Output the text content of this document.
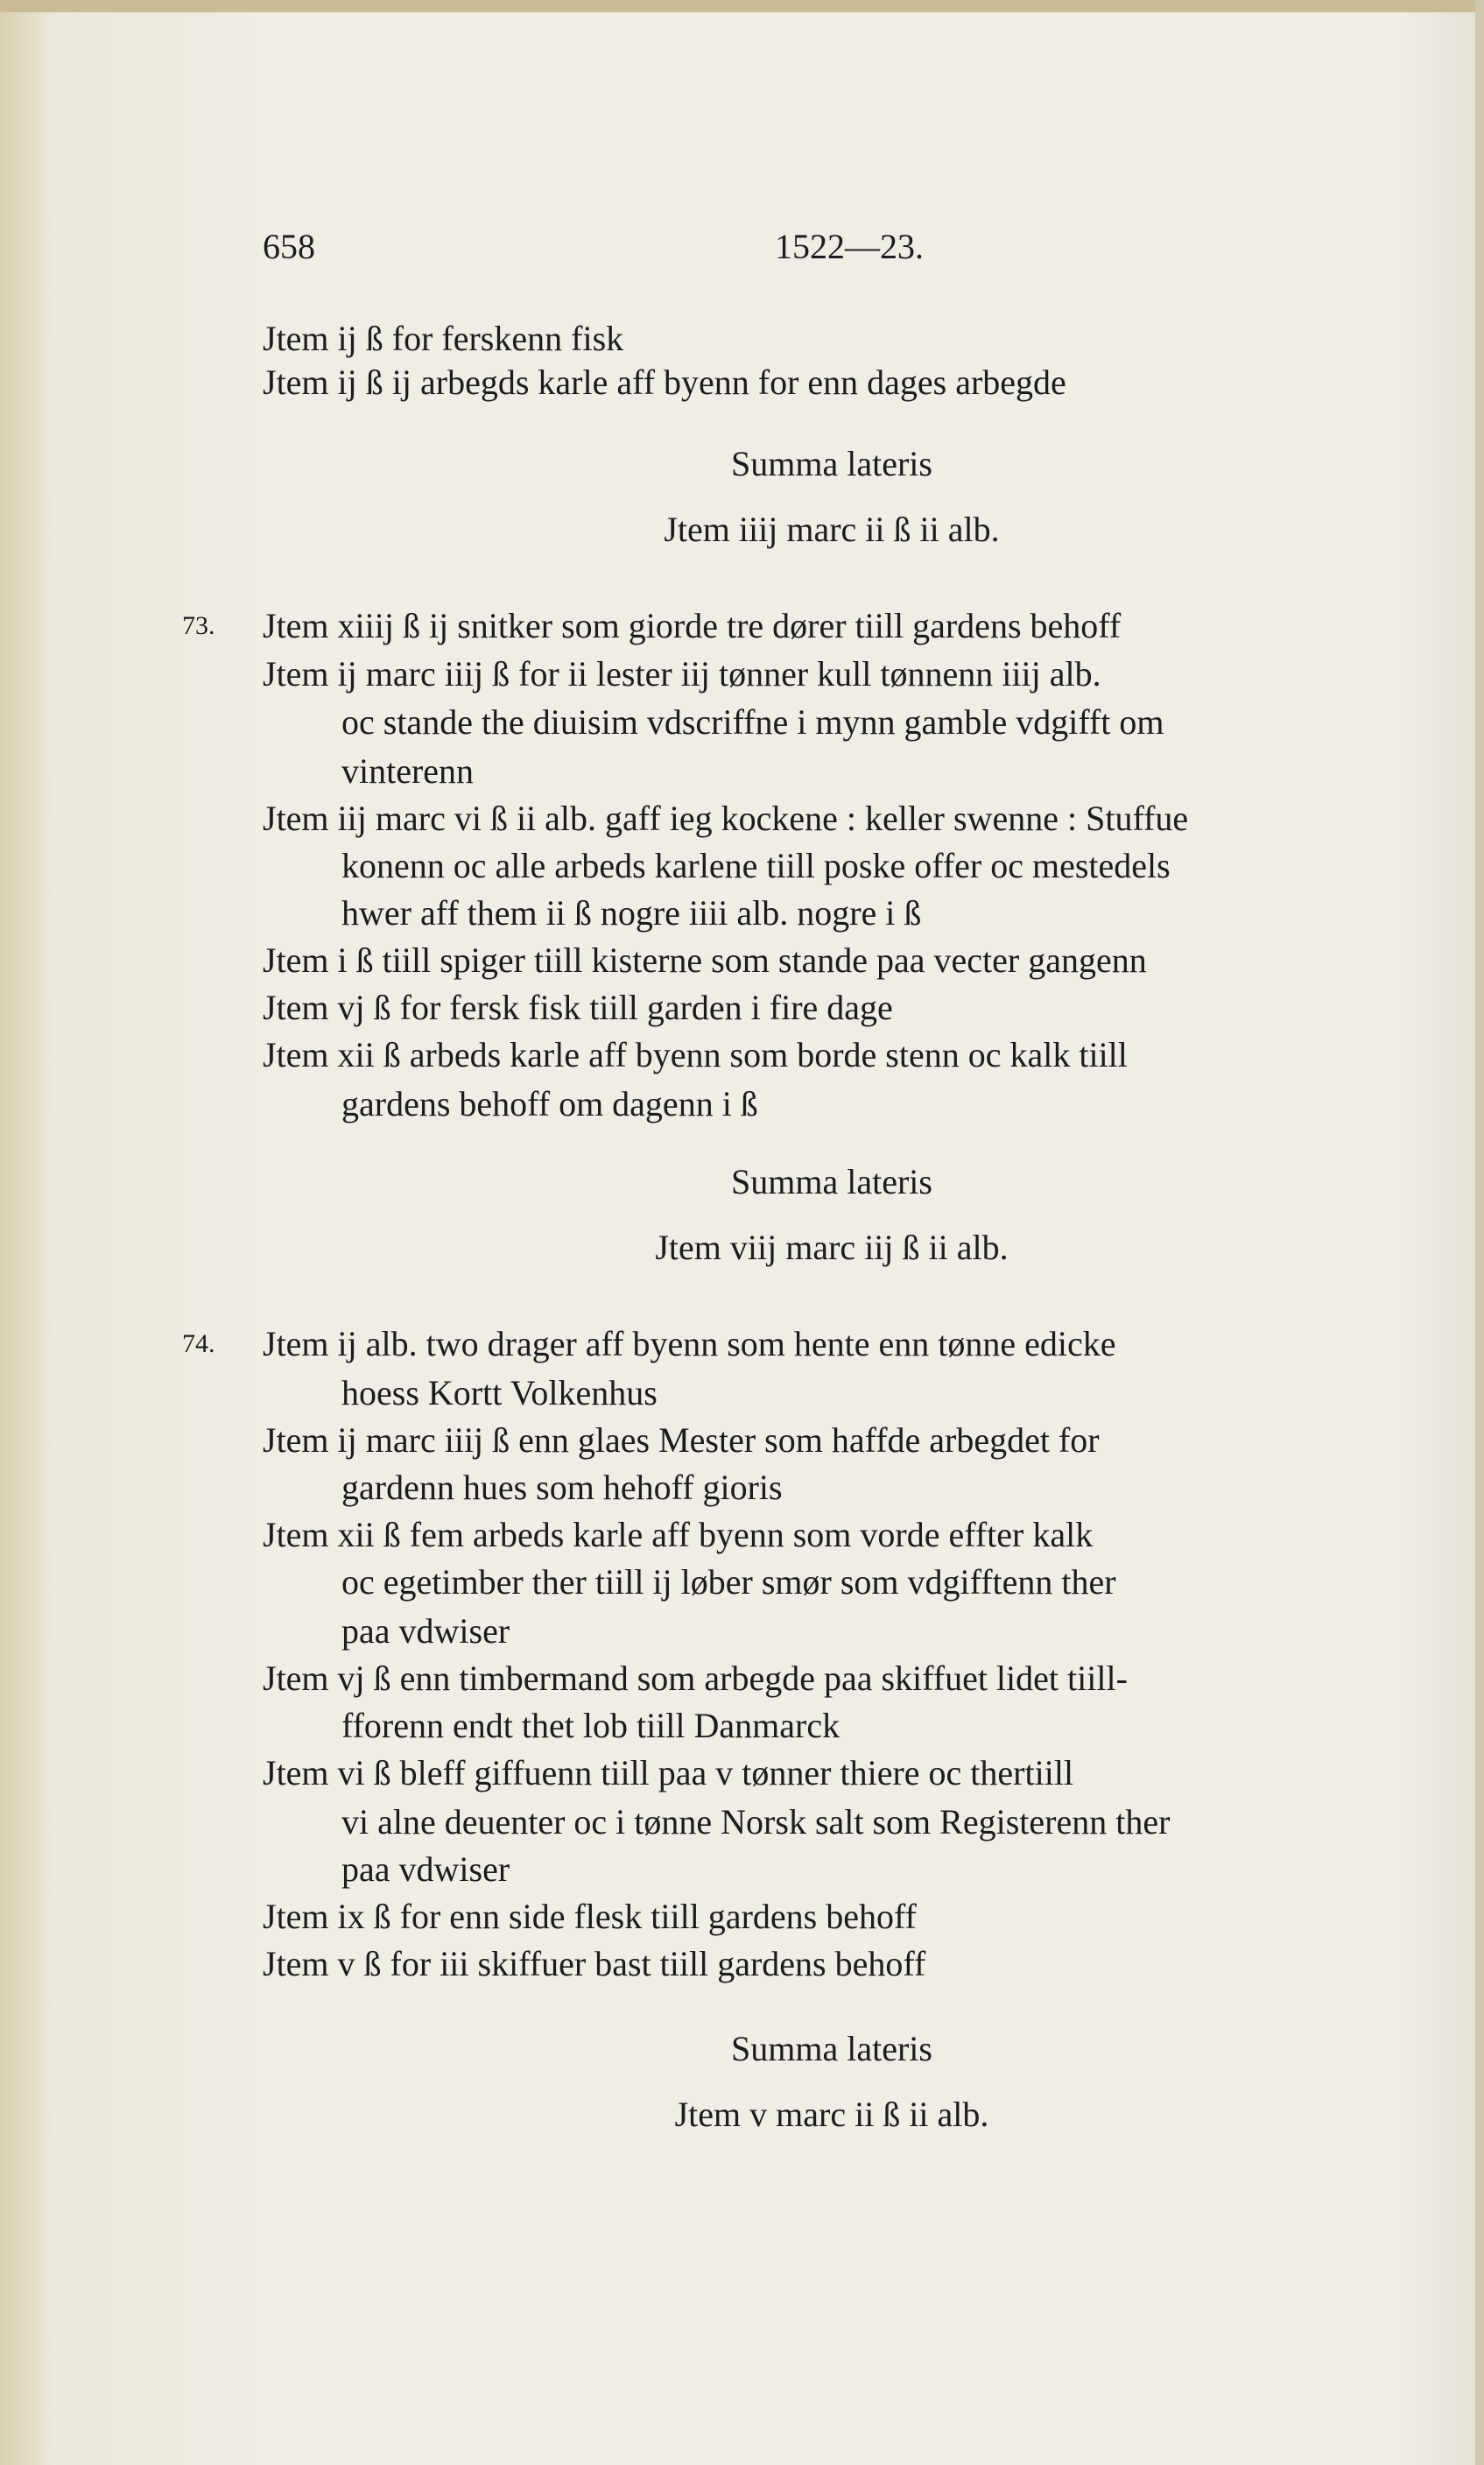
658	1522—23.
Jtem ij ß for ferskenn fisk
Jtem ij ß ij arbegds karle aff byenn for enn dages arbegde
Summa lateris
Jtem iiij marc ii ß ii alb.
73. Jtem xiiij ß ij snitker som giorde tre dører tiill gardens behoff
Jtem ij marc iiij ß for ii lester iij tønner kull tønnenn iiij alb.
oc stande the diuisim vdscriffne i mynn gamble vdgifft om
vinterenn
Jtem iij marc vi ß ii alb. gaff ieg kockene : keller swenne : Stuffue
konenn oc alle arbeds karlene tiill poske offer oc mestedels
hwer aff them ii ß nogre iiii alb. nogre i ß
Jtem i ß tiill spiger tiill kisterne som stande paa vecter gangenn
Jtem vj ß for fersk fisk tiill garden i fire dage
Jtem xii ß arbeds karle aff byenn som borde stenn oc kalk tiill
gardens behoff om dagenn i ß
Summa lateris
Jtem viij marc iij ß ii alb.
74. Jtem ij alb. two drager aff byenn som hente enn tønne edicke
hoess Kortt Volkenhus
Jtem ij marc iiij ß enn glaes Mester som haffde arbegdet for
gardenn hues som hehoff gioris
Jtem xii ß fem arbeds karle aff byenn som vorde effter kalk
oc egetimber ther tiill ij løber smør som vdgifftenn ther
paa vdwiser
Jtem vj ß enn timbermand som arbegde paa skiffuet lidet tiill-
fforenn endt thet lob tiill Danmarck
Jtem vi ß bleff giffuenn tiill paa v tønner thiere oc thertiill
vi alne deuenter oc i tønne Norsk salt som Registerenn ther
paa vdwiser
Jtem ix ß for enn side flesk tiill gardens behoff
Jtem v ß for iii skiffuer bast tiill gardens behoff
Summa lateris
Jtem v marc ii ß ii alb.
